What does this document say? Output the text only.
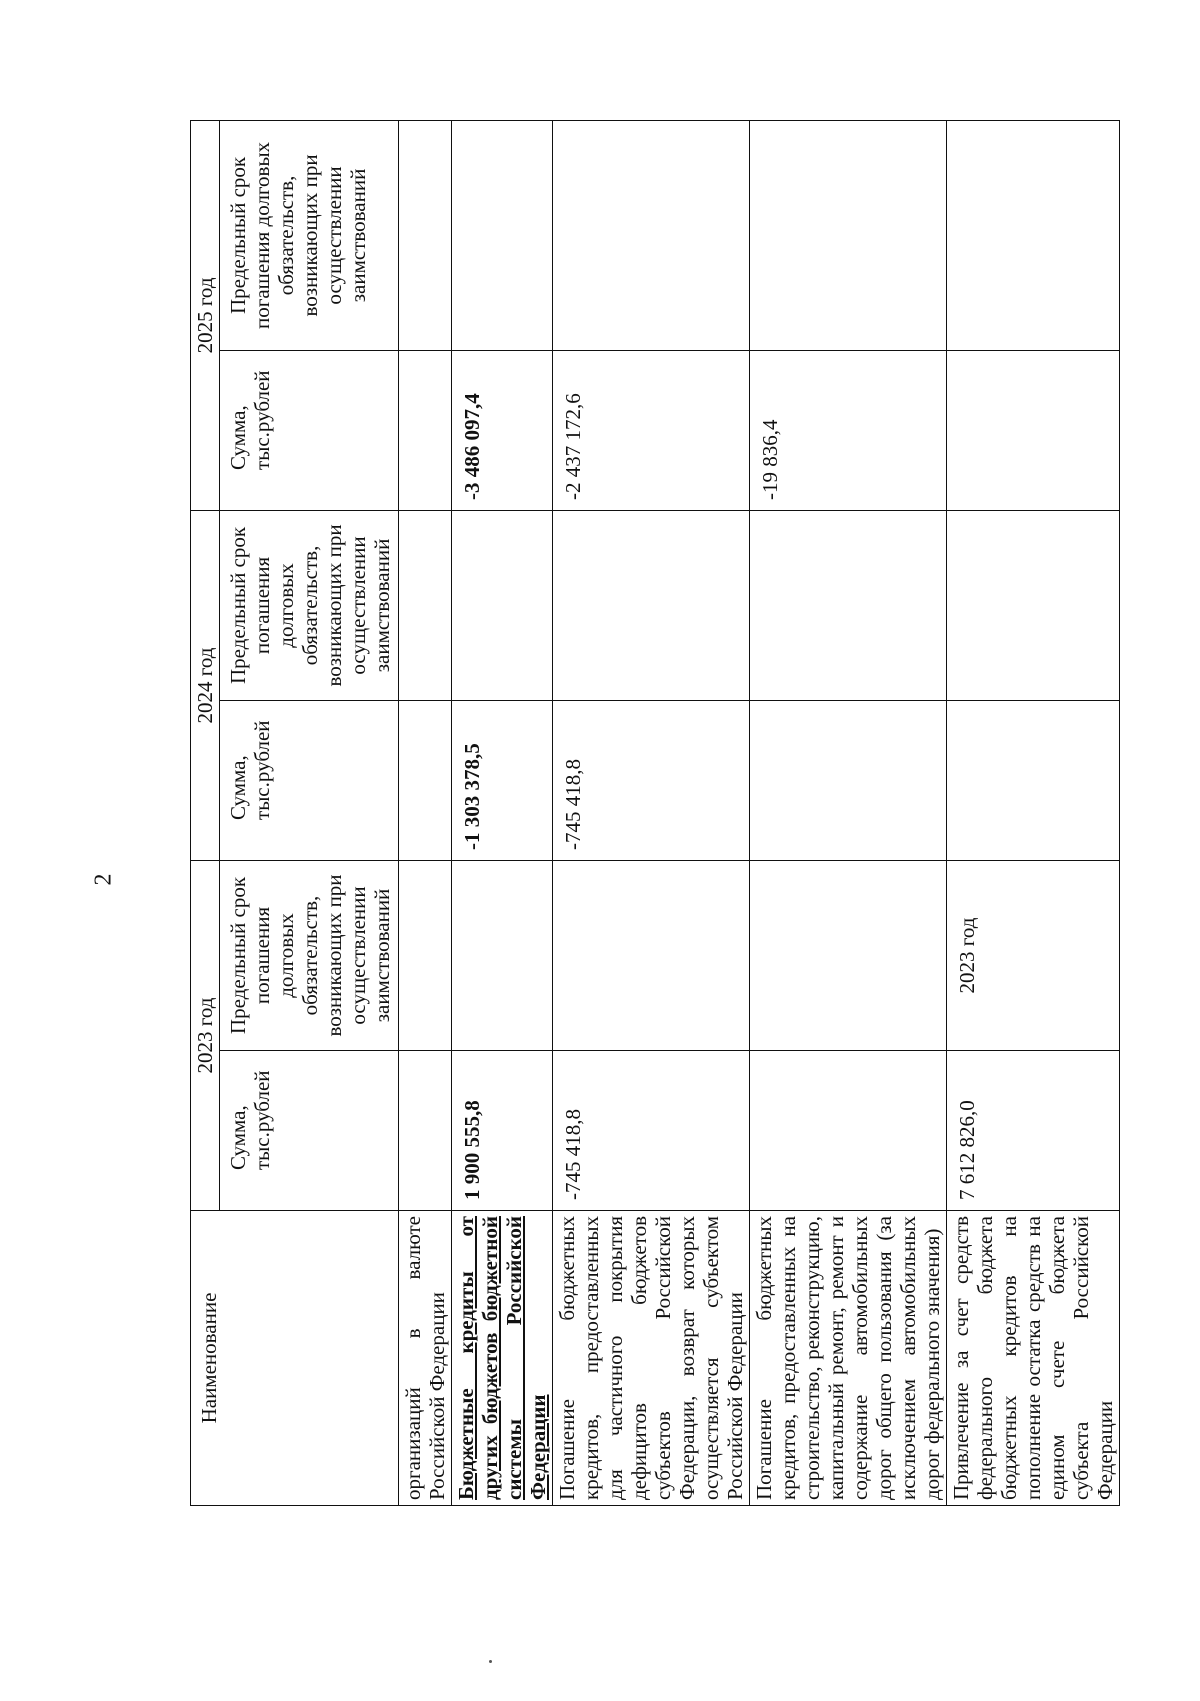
2
Наименование	2023 год		2024 год		2025 год	
	Сумма, тыс.рублей	Предельный срок погашения долговых обязательств, возникающих при осуществлении заимствований	Сумма, тыс.рублей	Предельный срок погашения долговых обязательств, возникающих при осуществлении заимствований	Сумма, тыс.рублей	Предельный срок погашения долговых обязательств, возникающих при осуществлении заимствований
организаций в валюте Российской Федерации						
Бюджетные кредиты от других бюджетов бюджетной системы Российской Федерации	1 900 555,8		-1 303 378,5		-3 486 097,4	
Погашение бюджетных кредитов, предоставленных для частичного покрытия дефицитов бюджетов субъектов Российской Федерации, возврат которых осуществляется субъектом Российской Федерации	-745 418,8		-745 418,8		-2 437 172,6	
Погашение бюджетных кредитов, предоставленных на строительство, реконструкцию, капитальный ремонт, ремонт и содержание автомобильных дорог общего пользования (за исключением автомобильных дорог федерального значения)					-19 836,4	
Привлечение за счет средств федерального бюджета бюджетных кредитов на пополнение остатка средств на едином счете бюджета субъекта Российской Федерации	7 612 826,0	2023 год				
